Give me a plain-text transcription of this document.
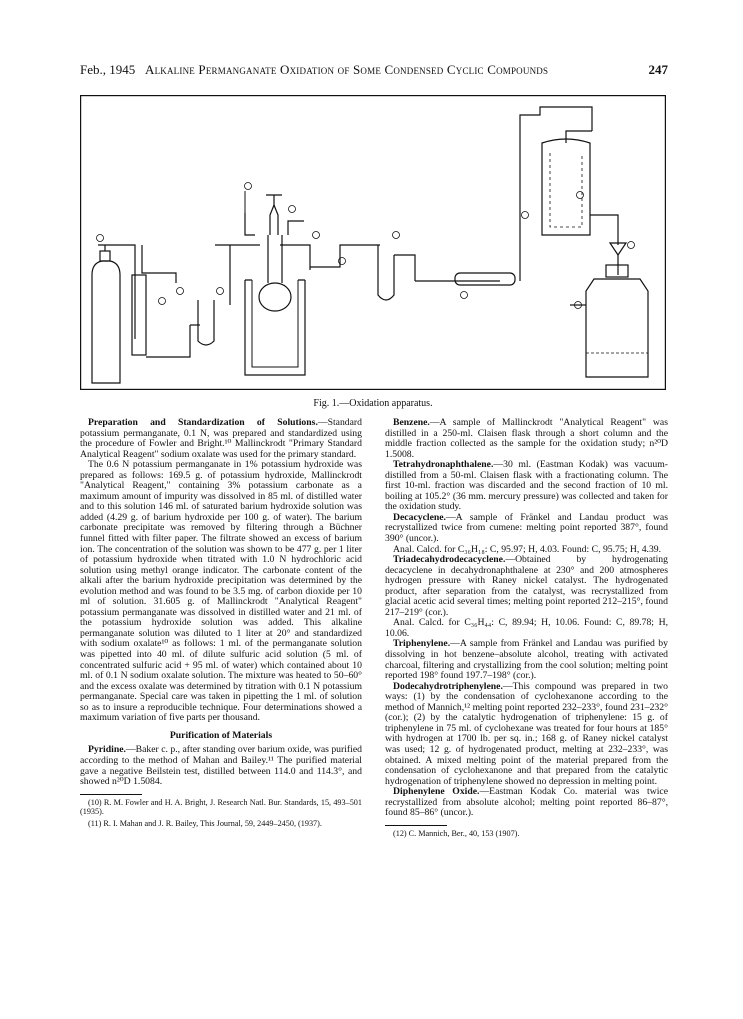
Feb., 1945 Alkaline Permanganate Oxidation of Some Condensed Cyclic Compounds	247
Fig. 1.—Oxidation apparatus.

Preparation and Standardization of Solutions.—Standard potassium permanganate, 0.1 N, was prepared and standardized using the procedure of Fowler and Bright.¹⁰ Mallinckrodt "Primary Standard Analytical Reagent" sodium oxalate was used for the primary standard.

The 0.6 N potassium permanganate in 1% potassium hydroxide was prepared as follows: 169.5 g. of potassium hydroxide, Mallinckrodt "Analytical Reagent," containing 3% potassium carbonate as a maximum amount of impurity was dissolved in 85 ml. of distilled water and to this solution 146 ml. of saturated barium hydroxide solution was added (4.29 g. of barium hydroxide per 100 g. of water). The barium carbonate precipitate was removed by filtering through a Büchner funnel fitted with filter paper. The filtrate showed an excess of barium ion. The concentration of the solution was shown to be 477 g. per 1 liter of potassium hydroxide when titrated with 1.0 N hydrochloric acid solution using methyl orange indicator. The carbonate content of the alkali after the barium hydroxide precipitation was determined by the evolution method and was found to be 3.5 mg. of carbon dioxide per 10 ml of solution. 31.605 g. of Mallinckrodt "Analytical Reagent" potassium permanganate was dissolved in distilled water and 21 ml. of the potassium hydroxide solution was added. This alkaline permanganate solution was diluted to 1 liter at 20° and standardized with sodium oxalate¹⁰ as follows: 1 ml. of the permanganate solution was pipetted into 40 ml. of dilute sulfuric acid solution (5 ml. of concentrated sulfuric acid + 95 ml. of water) which contained about 10 ml. of 0.1 N sodium oxalate solution. The mixture was heated to 50–60° and the excess oxalate was determined by titration with 0.1 N potassium permanganate. Special care was taken in pipetting the 1 ml. of solution so as to insure a reproducible technique. Four determinations showed a maximum variation of five parts per thousand.

Purification of Materials

Pyridine.—Baker c. p., after standing over barium oxide, was purified according to the method of Mahan and Bailey.¹¹ The purified material gave a negative Beilstein test, distilled between 114.0 and 114.3°, and showed n²⁰D 1.5084.

(10) R. M. Fowler and H. A. Bright, J. Research Natl. Bur. Standards, 15, 493–501 (1935).

(11) R. I. Mahan and J. R. Bailey, This Journal, 59, 2449–2450, (1937).

Benzene.—A sample of Mallinckrodt "Analytical Reagent" was distilled in a 250-ml. Claisen flask through a short column and the middle fraction collected as the sample for the oxidation study; n²⁰D 1.5008.

Tetrahydronaphthalene.—30 ml. (Eastman Kodak) was vacuum-distilled from a 50-ml. Claisen flask with a fractionating column. The first 10-ml. fraction was discarded and the second fraction of 10 ml. boiling at 105.2° (36 mm. mercury pressure) was collected and taken for the oxidation study.

Decacyclene.—A sample of Fränkel and Landau product was recrystallized twice from cumene: melting point reported 387°, found 390° (uncor.).

Anal. Calcd. for C₃₆H₁₈: C, 95.97; H, 4.03. Found: C, 95.75; H, 4.39.

Triadecahydrodecacyclene.—Obtained by hydrogenating decacyclene in decahydronaphthalene at 230° and 200 atmospheres hydrogen pressure with Raney nickel catalyst. The hydrogenated product, after separation from the catalyst, was recrystallized from glacial acetic acid several times; melting point reported 212–215°, found 217–219° (cor.).

Anal. Calcd. for C₃₆H₄₄: C, 89.94; H, 10.06. Found: C, 89.78; H, 10.06.

Triphenylene.—A sample from Fränkel and Landau was purified by dissolving in hot benzene–absolute alcohol, treating with activated charcoal, filtering and crystallizing from the cool solution; melting point reported 198° found 197.7–198° (cor.).

Dodecahydrotriphenylene.—This compound was prepared in two ways: (1) by the condensation of cyclohexanone according to the method of Mannich,¹² melting point reported 232–233°, found 231–232° (cor.); (2) by the catalytic hydrogenation of triphenylene: 15 g. of triphenylene in 75 ml. of cyclohexane was treated for four hours at 185° with hydrogen at 1700 lb. per sq. in.; 168 g. of Raney nickel catalyst was used; 12 g. of hydrogenated product, melting at 232–233°, was obtained. A mixed melting point of the material prepared from the condensation of cyclohexanone and that prepared from the catalytic hydrogenation of triphenylene showed no depression in melting point.

Diphenylene Oxide.—Eastman Kodak Co. material was twice recrystallized from absolute alcohol; melting point reported 86–87°, found 85–86° (uncor.).

(12) C. Mannich, Ber., 40, 153 (1907).
